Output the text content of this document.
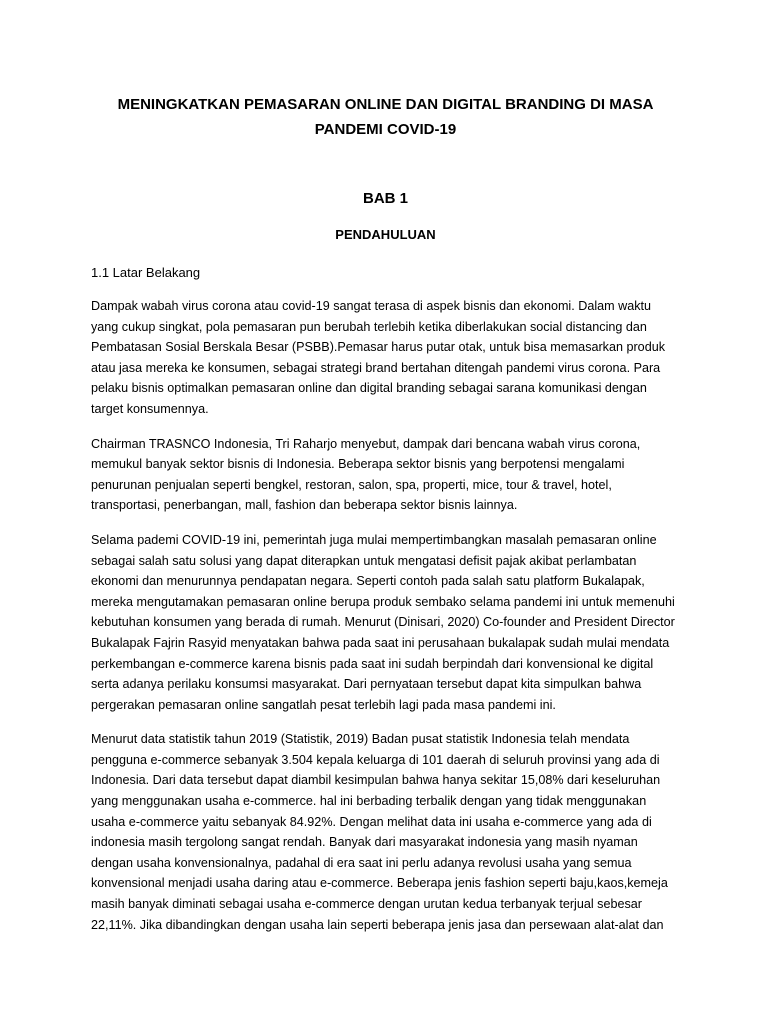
MENINGKATKAN PEMASARAN ONLINE DAN DIGITAL BRANDING DI MASA
PANDEMI COVID-19
BAB 1
PENDAHULUAN
1.1 Latar Belakang

Dampak wabah virus corona atau covid-19 sangat terasa di aspek bisnis dan ekonomi. Dalam waktu yang cukup singkat, pola pemasaran pun berubah terlebih ketika diberlakukan social distancing dan Pembatasan Sosial Berskala Besar (PSBB).Pemasar harus putar otak, untuk bisa memasarkan produk atau jasa mereka ke konsumen, sebagai strategi brand bertahan ditengah pandemi virus corona. Para pelaku bisnis optimalkan pemasaran online dan digital branding sebagai sarana komunikasi dengan target konsumennya.

Chairman TRASNCO Indonesia, Tri Raharjo menyebut, dampak dari bencana wabah virus corona, memukul banyak sektor bisnis di Indonesia. Beberapa sektor bisnis yang berpotensi mengalami penurunan penjualan seperti bengkel, restoran, salon, spa, properti, mice, tour & travel, hotel, transportasi, penerbangan, mall, fashion dan beberapa sektor bisnis lainnya.

Selama pademi COVID-19 ini, pemerintah juga mulai mempertimbangkan masalah pemasaran online sebagai salah satu solusi yang dapat diterapkan untuk mengatasi defisit pajak akibat perlambatan ekonomi dan menurunnya pendapatan negara. Seperti contoh pada salah satu platform Bukalapak, mereka mengutamakan pemasaran online berupa produk sembako selama pandemi ini untuk memenuhi kebutuhan konsumen yang berada di rumah. Menurut (Dinisari, 2020) Co-founder and President Director Bukalapak Fajrin Rasyid menyatakan bahwa pada saat ini perusahaan bukalapak sudah mulai mendata perkembangan e-commerce karena bisnis pada saat ini sudah berpindah dari konvensional ke digital serta adanya perilaku konsumsi masyarakat. Dari pernyataan tersebut dapat kita simpulkan bahwa pergerakan pemasaran online sangatlah pesat terlebih lagi pada masa pandemi ini.

Menurut data statistik tahun 2019 (Statistik, 2019) Badan pusat statistik Indonesia telah mendata pengguna e-commerce sebanyak 3.504 kepala keluarga di 101 daerah di seluruh provinsi yang ada di Indonesia. Dari data tersebut dapat diambil kesimpulan bahwa hanya sekitar 15,08% dari keseluruhan yang menggunakan usaha e-commerce. hal ini berbading terbalik dengan yang tidak menggunakan usaha e-commerce yaitu sebanyak 84.92%. Dengan melihat data ini usaha e-commerce yang ada di indonesia masih tergolong sangat rendah. Banyak dari masyarakat indonesia yang masih nyaman dengan usaha konvensionalnya, padahal di era saat ini perlu adanya revolusi usaha yang semua konvensional menjadi usaha daring atau e-commerce. Beberapa jenis fashion seperti baju,kaos,kemeja masih banyak diminati sebagai usaha e-commerce dengan urutan kedua terbanyak terjual sebesar 22,11%. Jika dibandingkan dengan usaha lain seperti beberapa jenis jasa dan persewaan alat-alat dan
